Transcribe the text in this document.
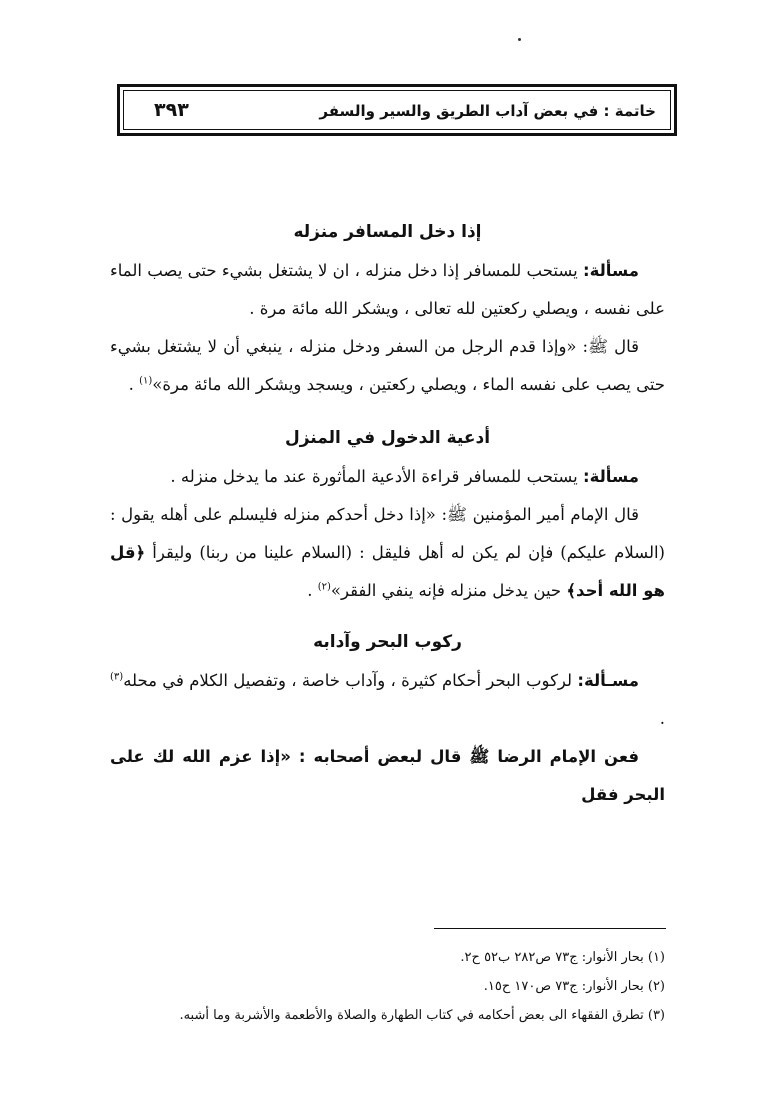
خاتمة : في بعض آداب الطريق والسير والسفر
٣٩٣
إذا دخل المسافر منزله

مسألة: يستحب للمسافر إذا دخل منزله ، ان لا يشتغل بشيء حتى يصب الماء على نفسه ، ويصلي ركعتين لله تعالى ، ويشكر الله مائة مرة .

قال ﷺ: «وإذا قدم الرجل من السفر ودخل منزله ، ينبغي أن لا يشتغل بشيء حتى يصب على نفسه الماء ، ويصلي ركعتين ، ويسجد ويشكر الله مائة مرة»$^{(١)}$ .

أدعية الدخول في المنزل

مسألة: يستحب للمسافر قراءة الأدعية المأثورة عند ما يدخل منزله .

قال الإمام أمير المؤمنين ﷺ: «إذا دخل أحدكم منزله فليسلم على أهله يقول : (السلام عليكم) فإن لم يكن له أهل فليقل : (السلام علينا من ربنا) وليقرأ ﴿قل هو الله أحد﴾ حين يدخل منزله فإنه ينفي الفقر»$^{(٢)}$ .

ركوب البحر وآدابه

مسـألة: لركوب البحر أحكام كثيرة ، وآداب خاصة ، وتفصيل الكلام في محله$^{(٣)}$ .

فعن الإمام الرضا ﷺ قال لبعض أصحابه : «إذا عزم الله لك على البحر فقل

(١) بحار الأنوار: ج٧٣ ص٢٨٢ ب٥٢ ح٢.

(٢) بحار الأنوار: ج٧٣ ص١٧٠ ح١٥.

(٣) تطرق الفقهاء الى بعض أحكامه في كتاب الطهارة والصلاة والأطعمة والأشربة وما أشبه.
